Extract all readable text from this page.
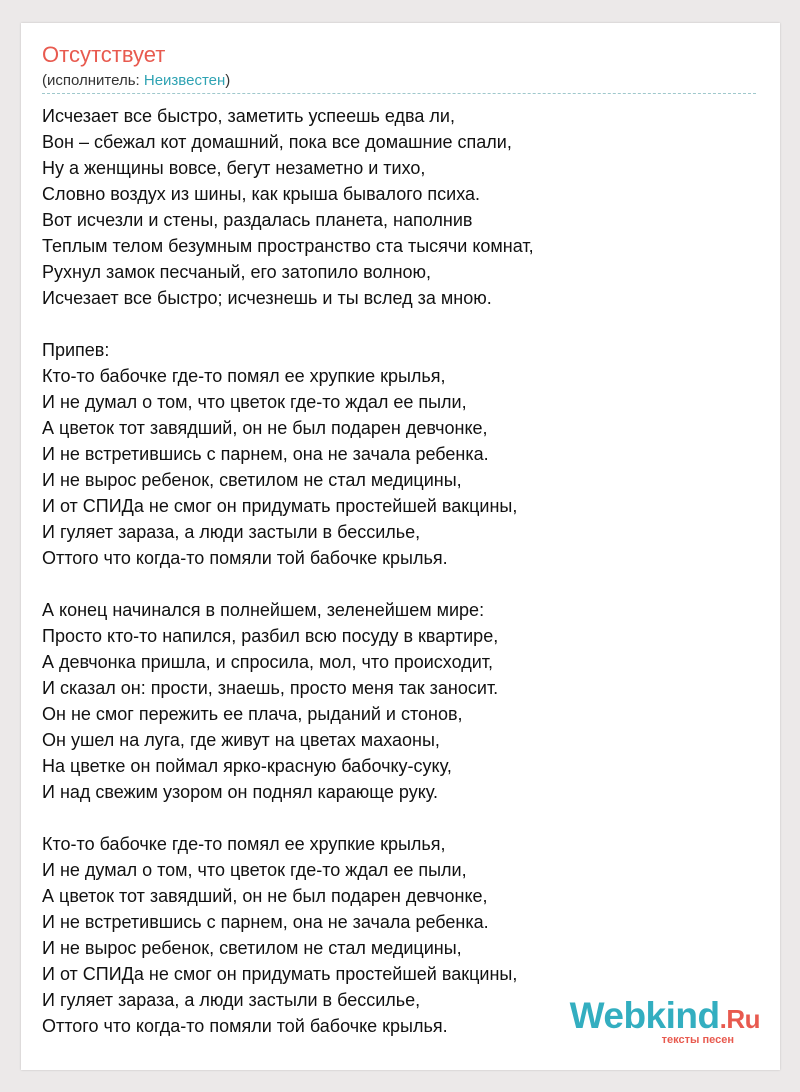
Отсутствует
(исполнитель: Неизвестен)
Исчезает все быстро, заметить успеешь едва ли,
Вон – сбежал кот домашний, пока все домашние спали,
Ну а женщины вовсе, бегут незаметно и тихо,
Словно воздух из шины, как крыша бывалого психа.
Вот исчезли и стены, раздалась планета, наполнив
Теплым телом безумным пространство ста тысячи комнат,
Рухнул замок песчаный, его затопило волною,
Исчезает все быстро; исчезнешь и ты вслед за мною.
Припев:
Кто-то бабочке где-то помял ее хрупкие крылья,
И не думал о том, что цветок где-то ждал ее пыли,
А цветок тот завядший, он не был подарен девчонке,
И не встретившись с парнем, она не зачала ребенка.
И не вырос ребенок, светилом не стал медицины,
И от СПИДа не смог он придумать простейшей вакцины,
И гуляет зараза, а люди застыли в бессилье,
Оттого что когда-то помяли той бабочке крылья.
А конец начинался в полнейшем, зеленейшем мире:
Просто кто-то напился, разбил всю посуду в квартире,
А девчонка пришла, и спросила, мол, что происходит,
И сказал он: прости, знаешь, просто меня так заносит.
Он не смог пережить ее плача, рыданий и стонов,
Он ушел на луга, где живут на цветах махаоны,
На цветке он поймал ярко-красную бабочку-суку,
И над свежим узором он поднял карающе руку.
Кто-то бабочке где-то помял ее хрупкие крылья,
И не думал о том, что цветок где-то ждал ее пыли,
А цветок тот завядший, он не был подарен девчонке,
И не встретившись с парнем, она не зачала ребенка.
И не вырос ребенок, светилом не стал медицины,
И от СПИДа не смог он придумать простейшей вакцины,
И гуляет зараза, а люди застыли в бессилье,
Оттого что когда-то помяли той бабочке крылья.	Webkind.Ru
тексты песен
